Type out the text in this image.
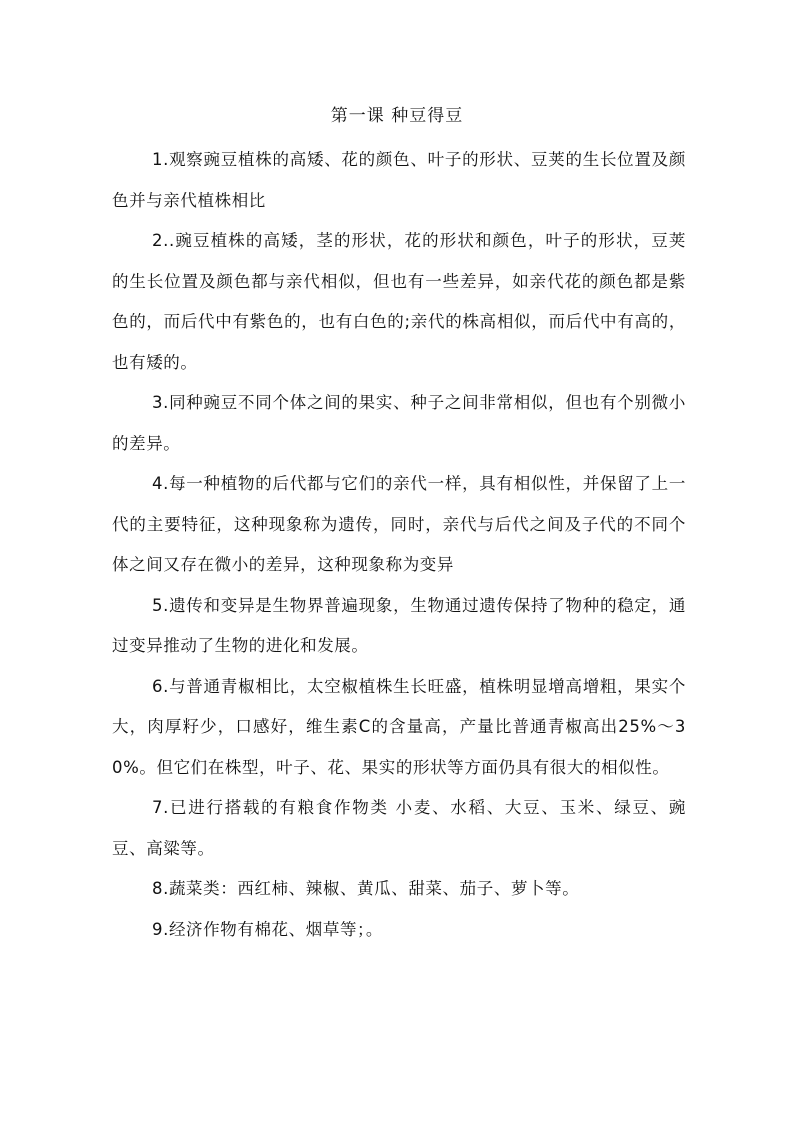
第一课 种豆得豆

1.观察豌豆植株的高矮、花的颜色、叶子的形状、豆荚的生长位置及颜色并与亲代植株相比

2..豌豆植株的高矮，茎的形状，花的形状和颜色，叶子的形状，豆荚的生长位置及颜色都与亲代相似，但也有一些差异，如亲代花的颜色都是紫色的，而后代中有紫色的，也有白色的;亲代的株高相似，而后代中有高的，也有矮的。

3.同种豌豆不同个体之间的果实、种子之间非常相似，但也有个别微小的差异。

4.每一种植物的后代都与它们的亲代一样，具有相似性，并保留了上一代的主要特征，这种现象称为遗传，同时，亲代与后代之间及子代的不同个体之间又存在微小的差异，这种现象称为变异

5.遗传和变异是生物界普遍现象，生物通过遗传保持了物种的稳定，通过变异推动了生物的进化和发展。

6.与普通青椒相比，太空椒植株生长旺盛，植株明显增高增粗，果实个大，肉厚籽少，口感好，维生素C的含量高，产量比普通青椒高出25%～30%。但它们在株型，叶子、花、果实的形状等方面仍具有很大的相似性。

7.已进行搭载的有粮食作物类 小麦、水稻、大豆、玉米、绿豆、豌豆、高粱等。

8.蔬菜类：西红柿、辣椒、黄瓜、甜菜、茄子、萝卜等。

9.经济作物有棉花、烟草等；。
